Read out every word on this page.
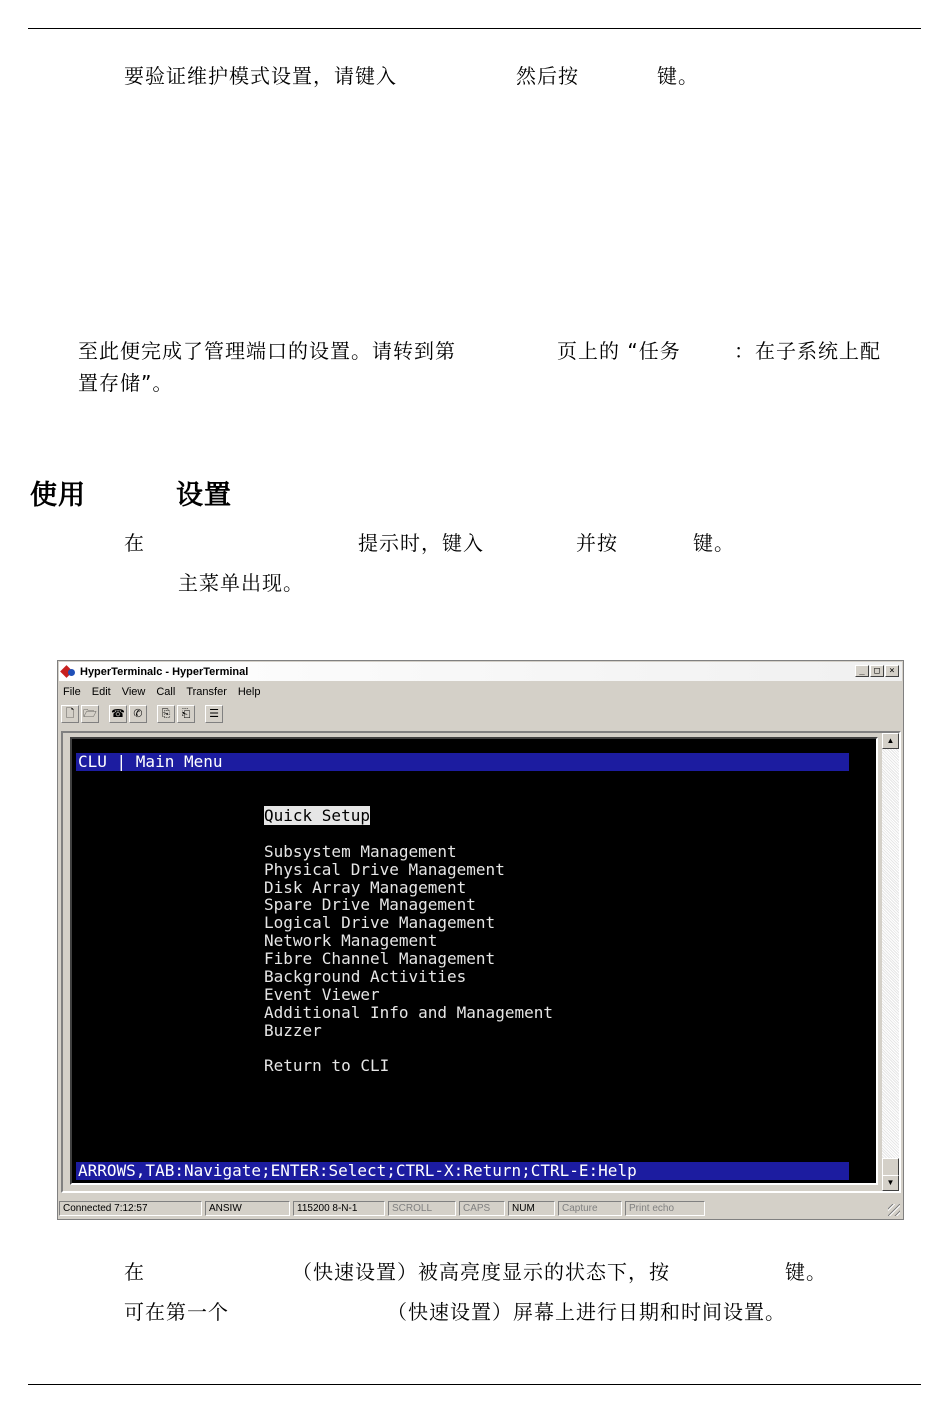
要验证维护模式设置，请键入	然后按	键。
至此便完成了管理端口的设置。请转到第	页上的 “任务	：在子系统上配
置存储”。
使用	设置
在	提示时，键入	并按	键。
主菜单出现。
HyperTerminalc - HyperTerminal	_	□	×
File Edit View Call Transfer Help
🗋 🗁 ☎ ✆	⎘	⎗	☰
CLU | Main Menu
Quick Setup
Subsystem Management
Physical Drive Management
Disk Array Management
Spare Drive Management
Logical Drive Management
Network Management
Fibre Channel Management
Background Activities
Event Viewer
Additional Info and Management
Buzzer
Return to CLI
ARROWS,TAB:Navigate;ENTER:Select;CTRL-X:Return;CTRL-E:Help
▲
▼
Connected 7:12:57	ANSIW	115200 8-N-1	SCROLL	CAPS	NUM	Capture	Print echo
在	（快速设置）被高亮度显示的状态下，按	键。
可在第一个	（快速设置）屏幕上进行日期和时间设置。
